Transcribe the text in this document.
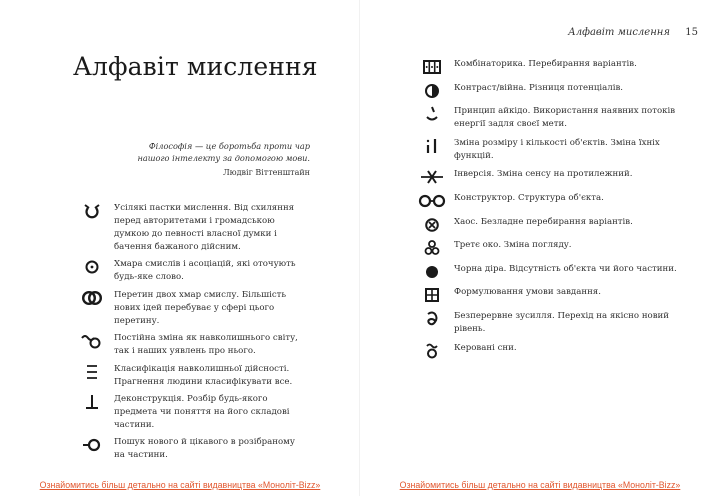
Алфавіт мислення
Філософія — це боротьба проти чар нашого інтелекту за допомогою мови.
Людвіг Віттенштайн
Усілякі пастки мислення. Від схиляння перед авторитетами і громадською думкою до певності власної думки і бачення бажаного дійсним.
Хмара смислів і асоціацій, які оточують будь-яке слово.
Перетин двох хмар смислу. Більшість нових ідей перебуває у сфері цього перетину.
Постійна зміна як навколишнього світу, так і наших уявлень про нього.
Класифікація навколишньої дійсності. Прагнення людини класифікувати все.
Деконструкція. Розбір будь-якого предмета чи поняття на його складові частини.
Пошук нового й цікавого в розібраному на частини.
Ознайомитись більш детально на сайті видавництва «Моноліт-Bizz»
Алфавіт мислення 15
Комбінаторика. Перебирання варіантів.
Контраст/війна. Різниця потенціалів.
Принцип айкідо. Використання наявних потоків енергії задля своєї мети.
Зміна розміру і кількості об'єктів. Зміна їхніх функцій.
Інверсія. Зміна сенсу на протилежний.
Конструктор. Структура об'єкта.
Хаос. Безладне перебирання варіантів.
Третє око. Зміна погляду.
Чорна діра. Відсутність об'єкта чи його частини.
Формулювання умови завдання.
Безперервне зусилля. Перехід на якісно новий рівень.
Керовані сни.
Ознайомитись більш детально на сайті видавництва «Моноліт-Bizz»
